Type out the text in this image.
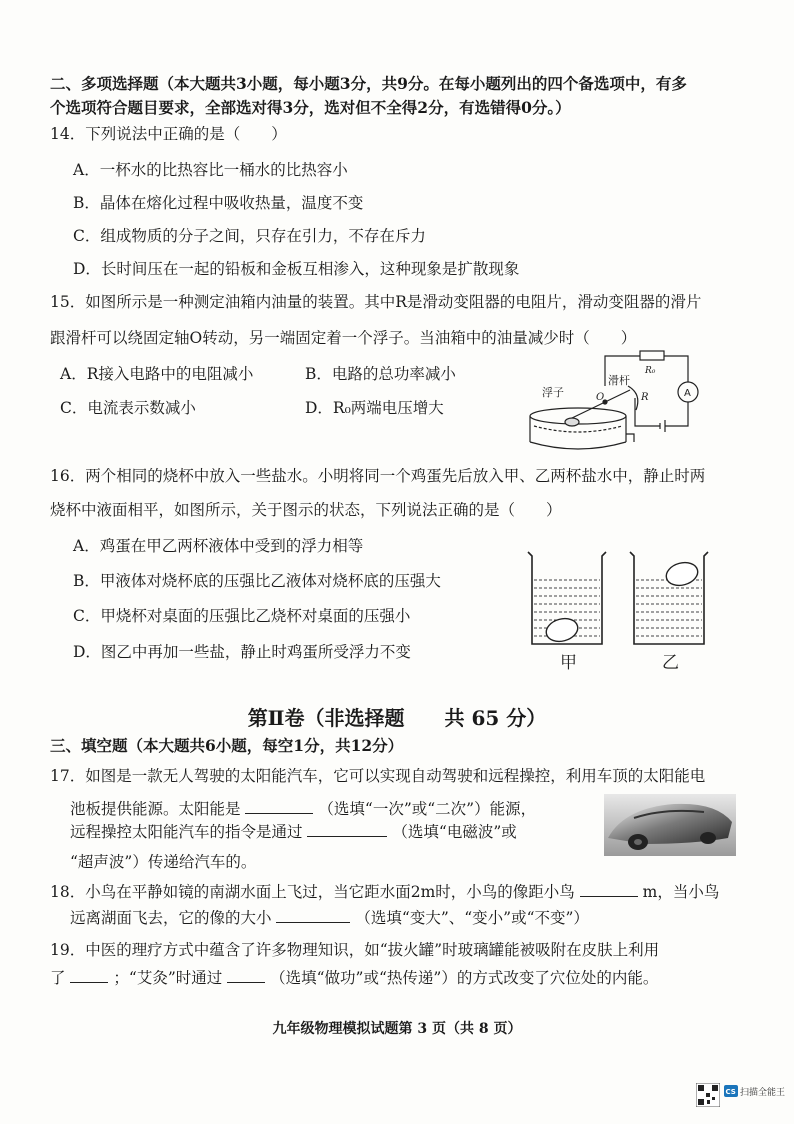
二、多项选择题（本大题共3小题，每小题3分，共9分。在每小题列出的四个备选项中，有多
个选项符合题目要求，全部选对得3分，选对但不全得2分，有选错得0分。）
14．下列说法中正确的是（　　）
A．一杯水的比热容比一桶水的比热容小
B．晶体在熔化过程中吸收热量，温度不变
C．组成物质的分子之间，只存在引力，不存在斥力
D．长时间压在一起的铅板和金板互相渗入，这种现象是扩散现象
15．如图所示是一种测定油箱内油量的装置。其中R是滑动变阻器的电阻片，滑动变阻器的滑片
跟滑杆可以绕固定轴O转动，另一端固定着一个浮子。当油箱中的油量减少时（　　）
A．R接入电路中的电阻减小	B．电路的总功率减小
C．电流表示数减小	D．R₀两端电压增大
浮子
滑杆
O	R
R₀
A
16．两个相同的烧杯中放入一些盐水。小明将同一个鸡蛋先后放入甲、乙两杯盐水中，静止时两
烧杯中液面相平，如图所示，关于图示的状态，下列说法正确的是（　　）
A．鸡蛋在甲乙两杯液体中受到的浮力相等
B．甲液体对烧杯底的压强比乙液体对烧杯底的压强大
C．甲烧杯对桌面的压强比乙烧杯对桌面的压强小
D．图乙中再加一些盐，静止时鸡蛋所受浮力不变
甲	乙
第Ⅱ卷（非选择题　　共 65 分）
三、填空题（本大题共6小题，每空1分，共12分）
17．如图是一款无人驾驶的太阳能汽车，它可以实现自动驾驶和远程操控，利用车顶的太阳能电
池板提供能源。太阳能是	（选填“一次”或“二次”）能源，
远程操控太阳能汽车的指令是通过	（选填“电磁波”或
“超声波”）传递给汽车的。
18．小鸟在平静如镜的南湖水面上飞过，当它距水面2m时，小鸟的像距小鸟	m，当小鸟
远离湖面飞去，它的像的大小	（选填“变大”、“变小”或“不变”）
19．中医的理疗方式中蕴含了许多物理知识，如“拔火罐”时玻璃罐能被吸附在皮肤上利用
了	；“艾灸”时通过	（选填“做功”或“热传递”）的方式改变了穴位处的内能。
九年级物理模拟试题第 3 页（共 8 页）
CS 扫描全能王
